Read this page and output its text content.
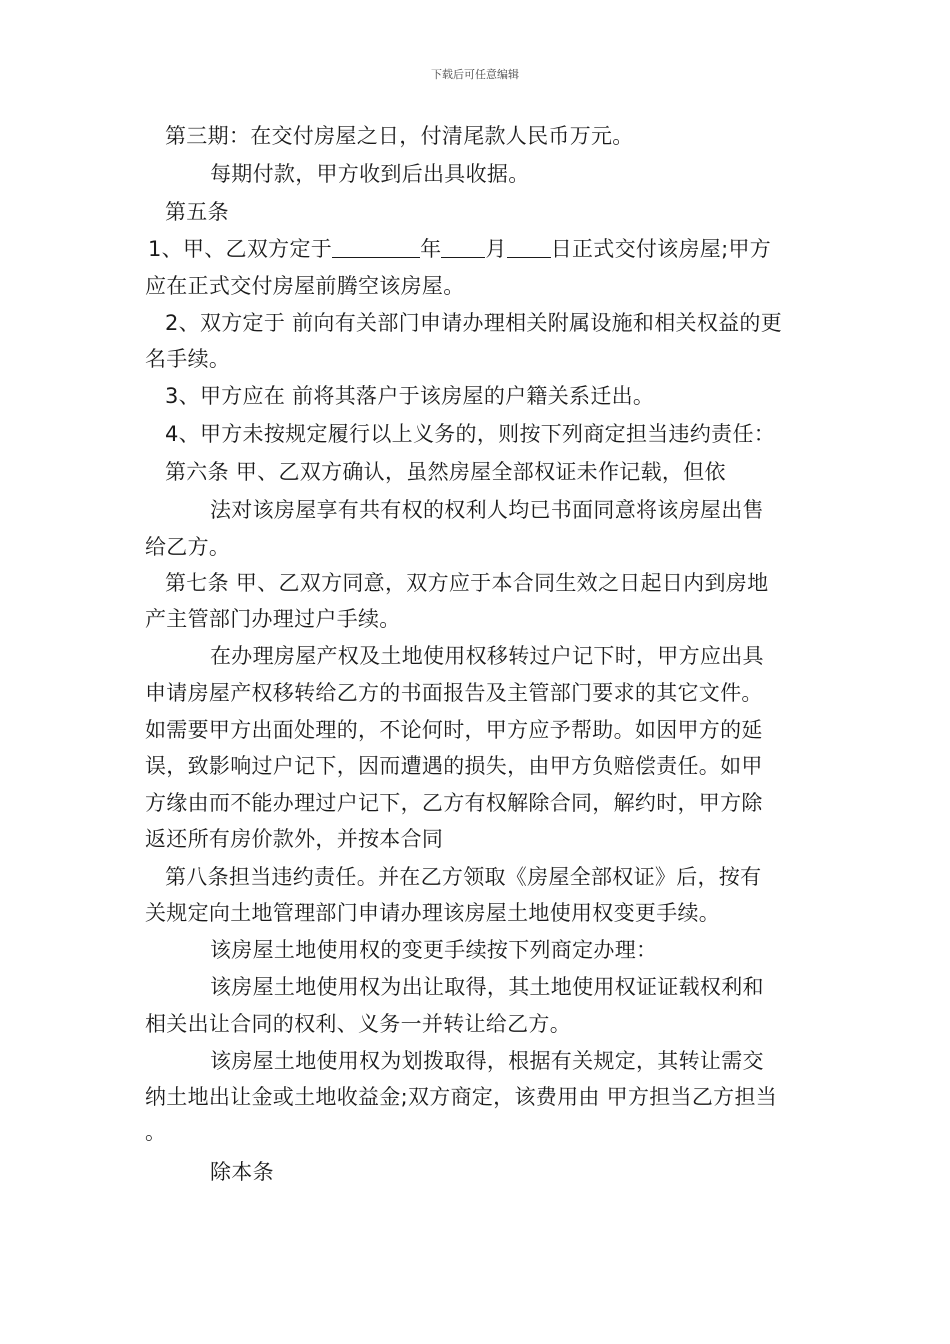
下载后可任意编辑
第三期：在交付房屋之日，付清尾款人民币万元。
每期付款，甲方收到后出具收据。
第五条
1、甲、乙双方定于	年 月 日正式交付该房屋;甲方
应在正式交付房屋前腾空该房屋。
2、双方定于 前向有关部门申请办理相关附属设施和相关权益的更
名手续。
3、甲方应在 前将其落户于该房屋的户籍关系迁出。
4、甲方未按规定履行以上义务的，则按下列商定担当违约责任：
第六条 甲、乙双方确认，虽然房屋全部权证未作记载，但依
法对该房屋享有共有权的权利人均已书面同意将该房屋出售
给乙方。
第七条 甲、乙双方同意，双方应于本合同生效之日起日内到房地
产主管部门办理过户手续。
在办理房屋产权及土地使用权移转过户记下时，甲方应出具
申请房屋产权移转给乙方的书面报告及主管部门要求的其它文件。
如需要甲方出面处理的，不论何时，甲方应予帮助。如因甲方的延
误，致影响过户记下，因而遭遇的损失，由甲方负赔偿责任。如甲
方缘由而不能办理过户记下，乙方有权解除合同，解约时，甲方除
返还所有房价款外，并按本合同
第八条担当违约责任。并在乙方领取《房屋全部权证》后，按有
关规定向土地管理部门申请办理该房屋土地使用权变更手续。
该房屋土地使用权的变更手续按下列商定办理：
该房屋土地使用权为出让取得，其土地使用权证证载权利和
相关出让合同的权利、义务一并转让给乙方。
该房屋土地使用权为划拨取得，根据有关规定，其转让需交
纳土地出让金或土地收益金;双方商定，该费用由 甲方担当乙方担当
。
除本条
